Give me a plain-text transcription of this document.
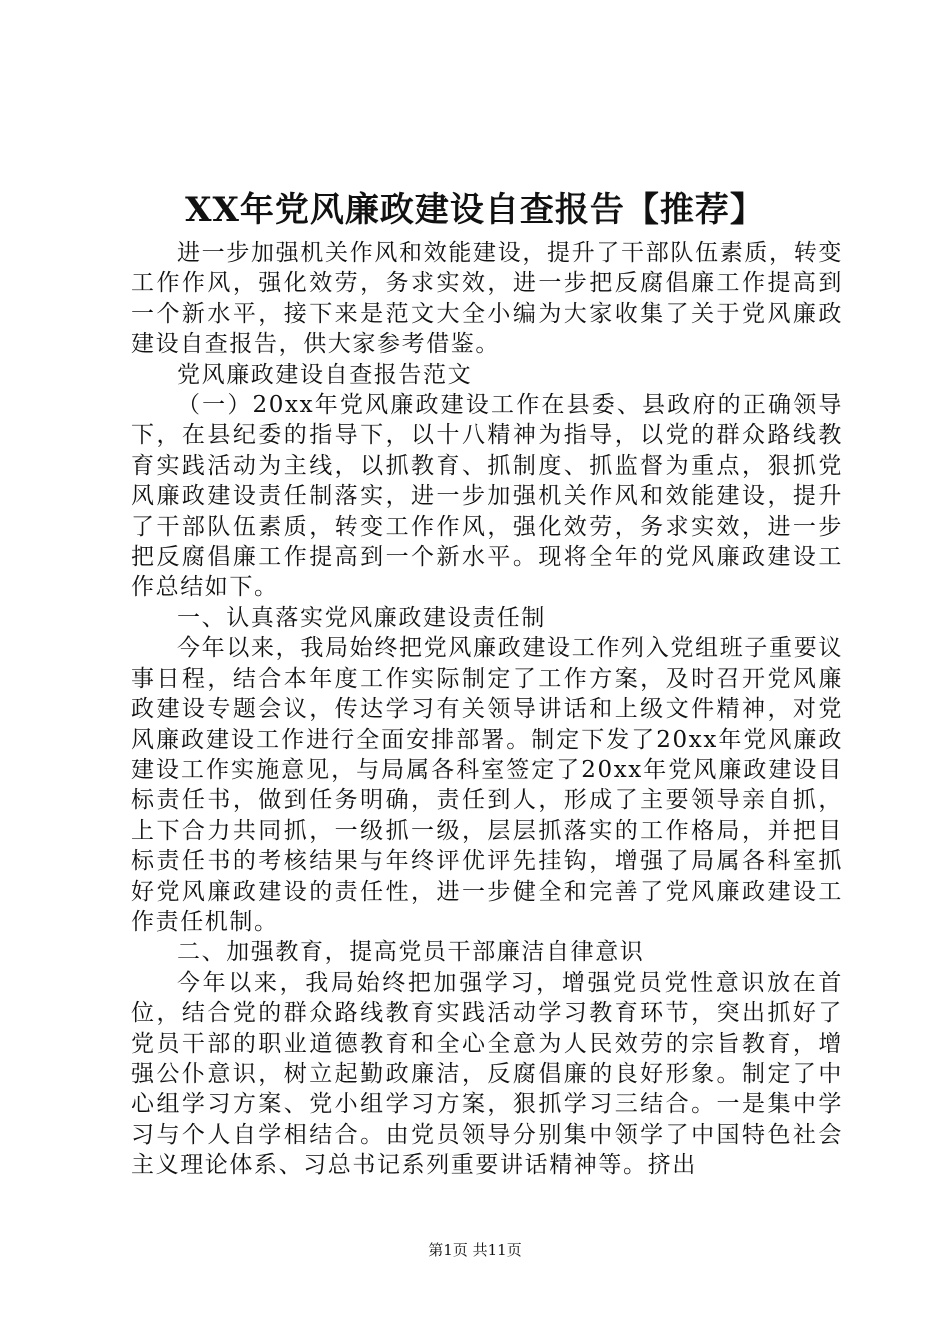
XX年党风廉政建设自查报告【推荐】

进一步加强机关作风和效能建设，提升了干部队伍素质，转变工作作风，强化效劳，务求实效，进一步把反腐倡廉工作提高到一个新水平，接下来是范文大全小编为大家收集了关于党风廉政建设自查报告，供大家参考借鉴。

党风廉政建设自查报告范文

（一）20xx年党风廉政建设工作在县委、县政府的正确领导下，在县纪委的指导下，以十八精神为指导，以党的群众路线教育实践活动为主线，以抓教育、抓制度、抓监督为重点，狠抓党风廉政建设责任制落实，进一步加强机关作风和效能建设，提升了干部队伍素质，转变工作作风，强化效劳，务求实效，进一步把反腐倡廉工作提高到一个新水平。现将全年的党风廉政建设工作总结如下。

一、认真落实党风廉政建设责任制

今年以来，我局始终把党风廉政建设工作列入党组班子重要议事日程，结合本年度工作实际制定了工作方案，及时召开党风廉政建设专题会议，传达学习有关领导讲话和上级文件精神，对党风廉政建设工作进行全面安排部署。制定下发了20xx年党风廉政建设工作实施意见，与局属各科室签定了20xx年党风廉政建设目标责任书，做到任务明确，责任到人，形成了主要领导亲自抓，上下合力共同抓，一级抓一级，层层抓落实的工作格局，并把目标责任书的考核结果与年终评优评先挂钩，增强了局属各科室抓好党风廉政建设的责任性，进一步健全和完善了党风廉政建设工作责任机制。

二、加强教育，提高党员干部廉洁自律意识

今年以来，我局始终把加强学习，增强党员党性意识放在首位，结合党的群众路线教育实践活动学习教育环节，突出抓好了党员干部的职业道德教育和全心全意为人民效劳的宗旨教育，增强公仆意识，树立起勤政廉洁，反腐倡廉的良好形象。制定了中心组学习方案、党小组学习方案，狠抓学习三结合。一是集中学习与个人自学相结合。由党员领导分别集中领学了中国特色社会主义理论体系、习总书记系列重要讲话精神等。挤出

第1页 共11页
